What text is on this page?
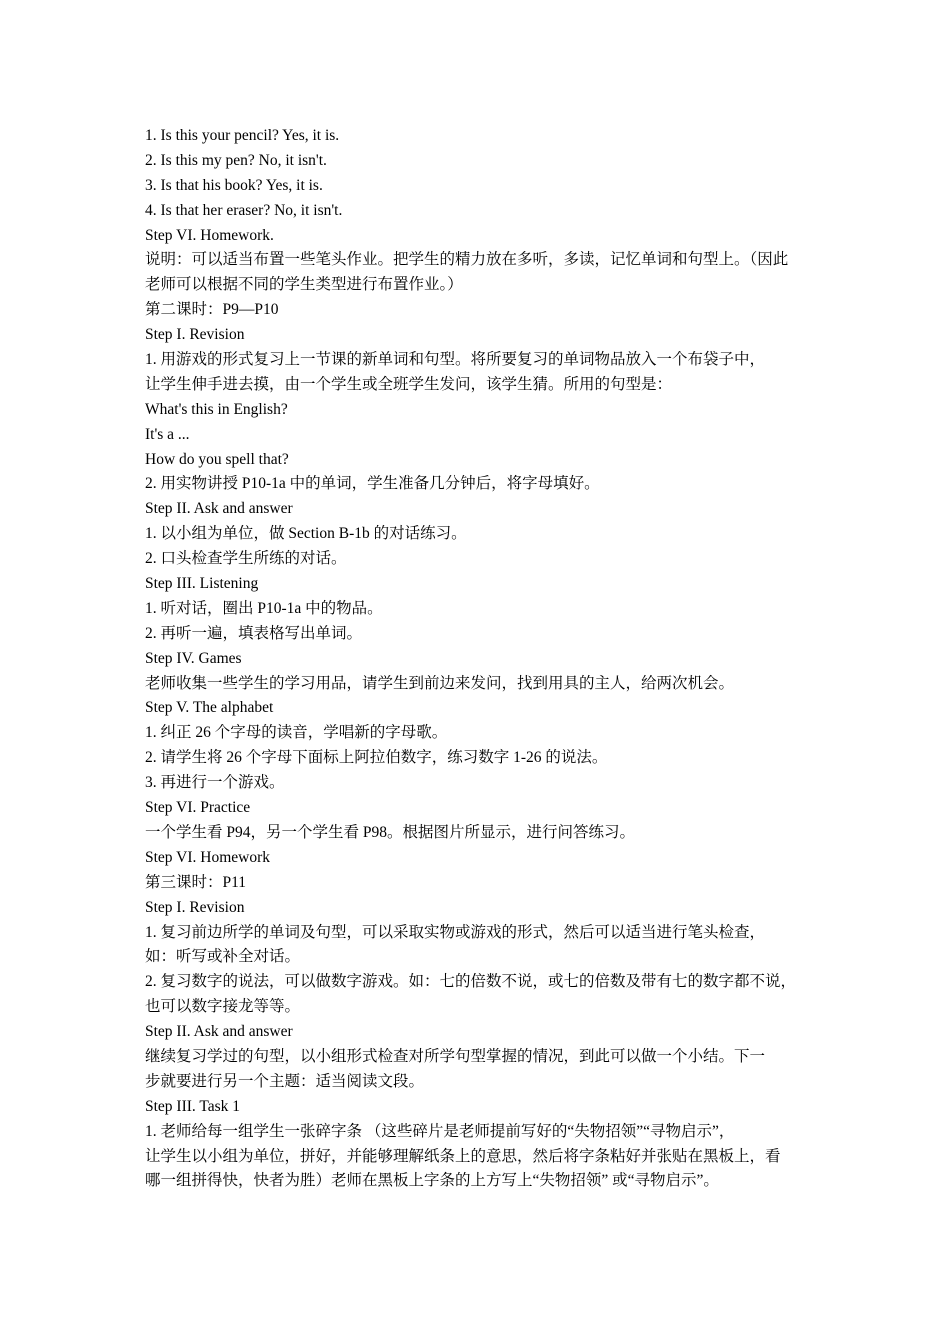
1. Is this your pencil? Yes, it is.
2. Is this my pen? No, it isn't.
3. Is that his book? Yes, it is.
4. Is that her eraser? No, it isn't.
Step VI. Homework.
说明：可以适当布置一些笔头作业。把学生的精力放在多听，多读，记忆单词和句型上。（因此
老师可以根据不同的学生类型进行布置作业。）
第二课时：P9—P10
Step I. Revision
1. 用游戏的形式复习上一节课的新单词和句型。将所要复习的单词物品放入一个布袋子中，
让学生伸手进去摸，由一个学生或全班学生发问，该学生猜。所用的句型是：
What's this in English?
It's a ...
How do you spell that?
2. 用实物讲授 P10-1a 中的单词，学生准备几分钟后，将字母填好。
Step II. Ask and answer
1. 以小组为单位，做 Section B-1b 的对话练习。
2. 口头检查学生所练的对话。
Step III. Listening
1. 听对话，圈出 P10-1a 中的物品。
2. 再听一遍，填表格写出单词。
Step IV. Games
老师收集一些学生的学习用品，请学生到前边来发问，找到用具的主人，给两次机会。
Step V. The alphabet
1. 纠正 26 个字母的读音，学唱新的字母歌。
2. 请学生将 26 个字母下面标上阿拉伯数字，练习数字 1-26 的说法。
3. 再进行一个游戏。
Step VI. Practice
一个学生看 P94，另一个学生看 P98。根据图片所显示，进行问答练习。
Step VI. Homework
第三课时：P11
Step I. Revision
1. 复习前边所学的单词及句型，可以采取实物或游戏的形式，然后可以适当进行笔头检查，
如：听写或补全对话。
2. 复习数字的说法，可以做数字游戏。如：七的倍数不说，或七的倍数及带有七的数字都不说，
也可以数字接龙等等。
Step II. Ask and answer
继续复习学过的句型，以小组形式检查对所学句型掌握的情况，到此可以做一个小结。下一
步就要进行另一个主题：适当阅读文段。
Step III. Task 1
1. 老师给每一组学生一张碎字条 （这些碎片是老师提前写好的“失物招领”“寻物启示”，
让学生以小组为单位，拼好，并能够理解纸条上的意思，然后将字条粘好并张贴在黑板上，看
哪一组拼得快，快者为胜）老师在黑板上字条的上方写上“失物招领” 或“寻物启示”。
